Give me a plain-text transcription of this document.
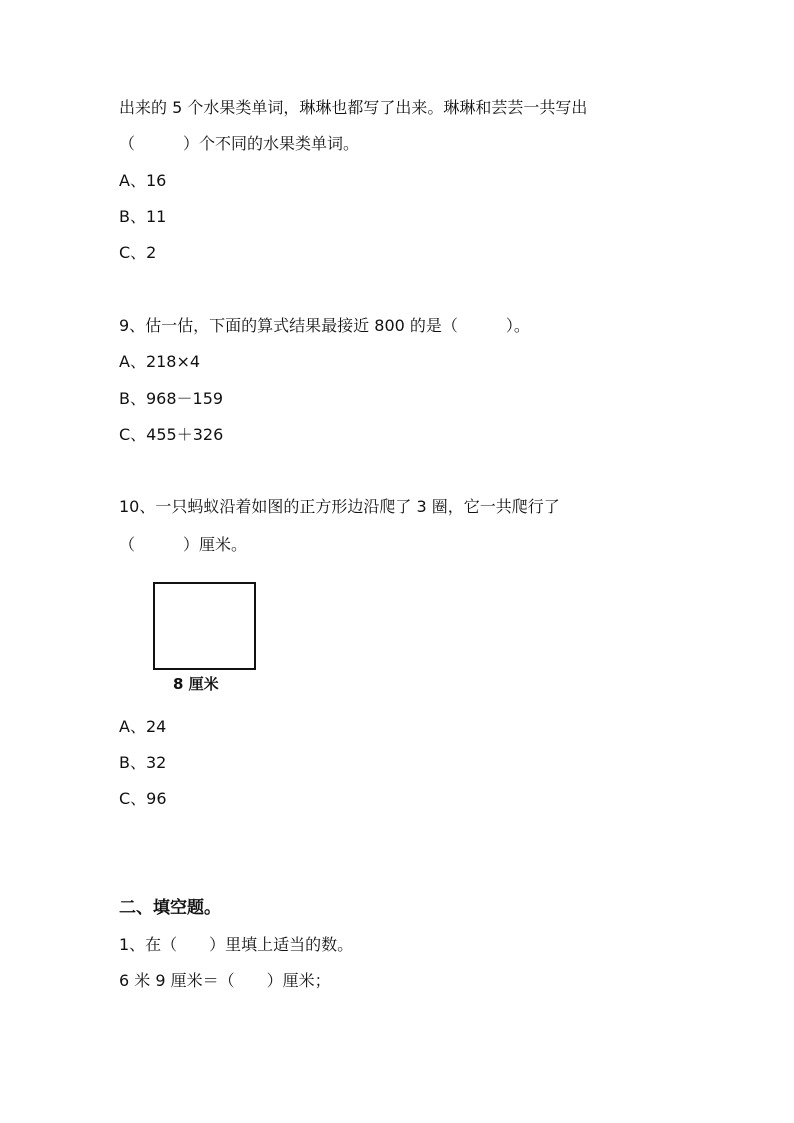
出来的 5 个水果类单词，琳琳也都写了出来。琳琳和芸芸一共写出
（　　　）个不同的水果类单词。
A、16
B、11
C、2
9、估一估，下面的算式结果最接近 800 的是（　　　）。
A、218×4
B、968－159
C、455＋326
10、一只蚂蚁沿着如图的正方形边沿爬了 3 圈，它一共爬行了
（　　　）厘米。
8 厘米
A、24
B、32
C、96
二、填空题。
1、在（　　）里填上适当的数。
6 米 9 厘米＝（　　）厘米；
